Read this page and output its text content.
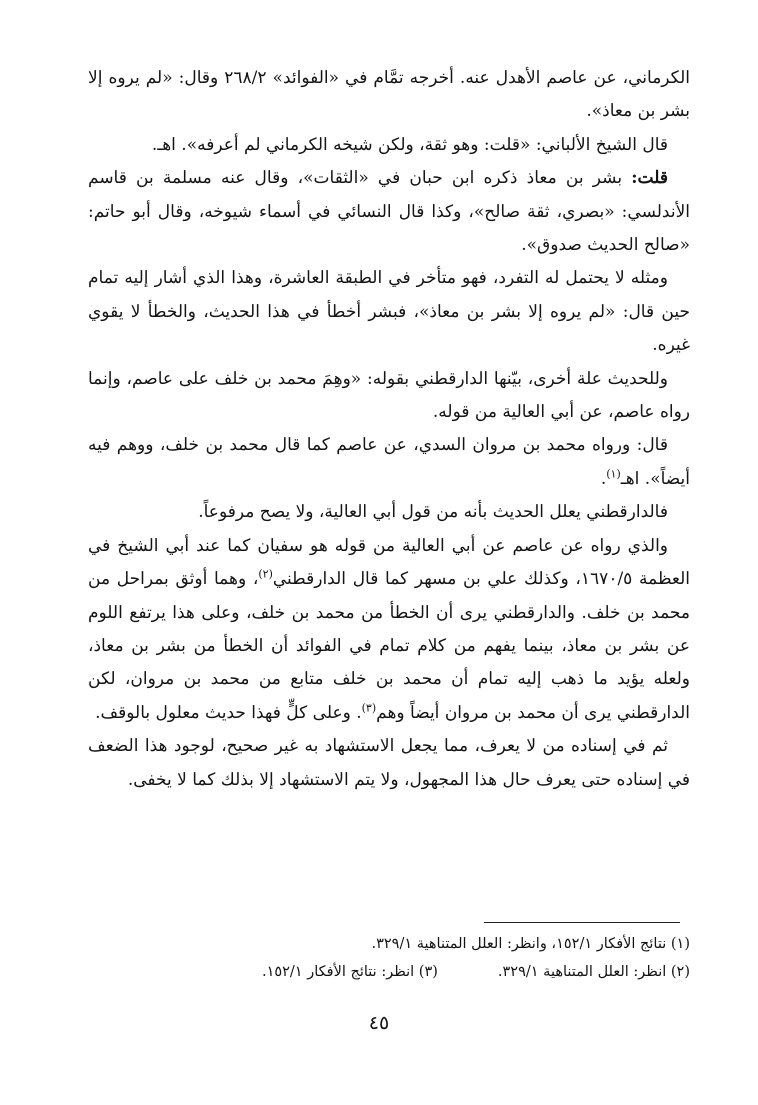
الكرماني، عن عاصم الأهدل عنه. أخرجه تمَّام في «الفوائد» ٢٦٨/٢ وقال: «لم يروه إلا بشر بن معاذ».

قال الشيخ الألباني: «قلت: وهو ثقة، ولكن شيخه الكرماني لم أعرفه». اهـ.

قلت: بشر بن معاذ ذكره ابن حبان في «الثقات»، وقال عنه مسلمة بن قاسم الأندلسي: «بصري، ثقة صالح»، وكذا قال النسائي في أسماء شيوخه، وقال أبو حاتم: «صالح الحديث صدوق».

ومثله لا يحتمل له التفرد، فهو متأخر في الطبقة العاشرة، وهذا الذي أشار إليه تمام حين قال: «لم يروه إلا بشر بن معاذ»، فبشر أخطأ في هذا الحديث، والخطأ لا يقوي غيره.

وللحديث علة أخرى، بيّنها الدارقطني بقوله: «وهِمَ محمد بن خلف على عاصم، وإنما رواه عاصم، عن أبي العالية من قوله.

قال: ورواه محمد بن مروان السدي، عن عاصم كما قال محمد بن خلف، ووهم فيه أيضاً». اهـ$^{(١)}$.

فالدارقطني يعلل الحديث بأنه من قول أبي العالية، ولا يصح مرفوعاً.

والذي رواه عن عاصم عن أبي العالية من قوله هو سفيان كما عند أبي الشيخ في العظمة ١٦٧٠/٥، وكذلك علي بن مسهر كما قال الدارقطني$^{(٢)}$، وهما أوثق بمراحل من محمد بن خلف. والدارقطني يرى أن الخطأ من محمد بن خلف، وعلى هذا يرتفع اللوم عن بشر بن معاذ، بينما يفهم من كلام تمام في الفوائد أن الخطأ من بشر بن معاذ، ولعله يؤيد ما ذهب إليه تمام أن محمد بن خلف متابع من محمد بن مروان، لكن الدارقطني يرى أن محمد بن مروان أيضاً وهم$^{(٣)}$. وعلى كلٍّ فهذا حديث معلول بالوقف.

ثم في إسناده من لا يعرف، مما يجعل الاستشهاد به غير صحيح، لوجود هذا الضعف في إسناده حتى يعرف حال هذا المجهول، ولا يتم الاستشهاد إلا بذلك كما لا يخفى.

(١) نتائج الأفكار ١٥٢/١، وانظر: العلل المتناهية ٣٢٩/١.
(٢) انظر: العلل المتناهية ٣٢٩/١.
(٣) انظر: نتائج الأفكار ١٥٢/١.
٤٥
